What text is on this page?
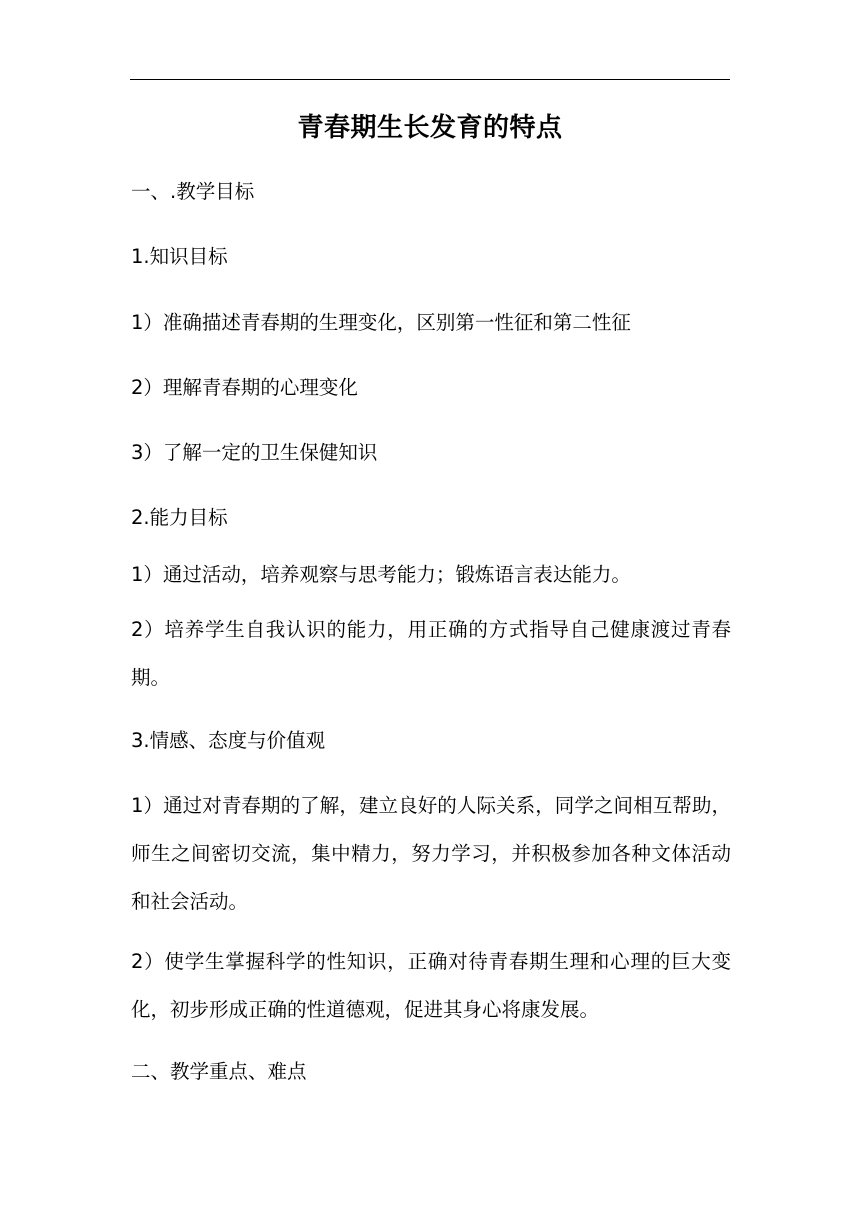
青春期生长发育的特点
一、.教学目标
1.知识目标
1）准确描述青春期的生理变化，区别第一性征和第二性征
2）理解青春期的心理变化
3）了解一定的卫生保健知识
2.能力目标
1）通过活动，培养观察与思考能力；锻炼语言表达能力。
2）培养学生自我认识的能力，用正确的方式指导自己健康渡过青春期。
3.情感、态度与价值观
1）通过对青春期的了解，建立良好的人际关系，同学之间相互帮助，师生之间密切交流，集中精力，努力学习，并积极参加各种文体活动和社会活动。
2）使学生掌握科学的性知识，正确对待青春期生理和心理的巨大变化，初步形成正确的性道德观，促进其身心将康发展。
二、教学重点、难点
